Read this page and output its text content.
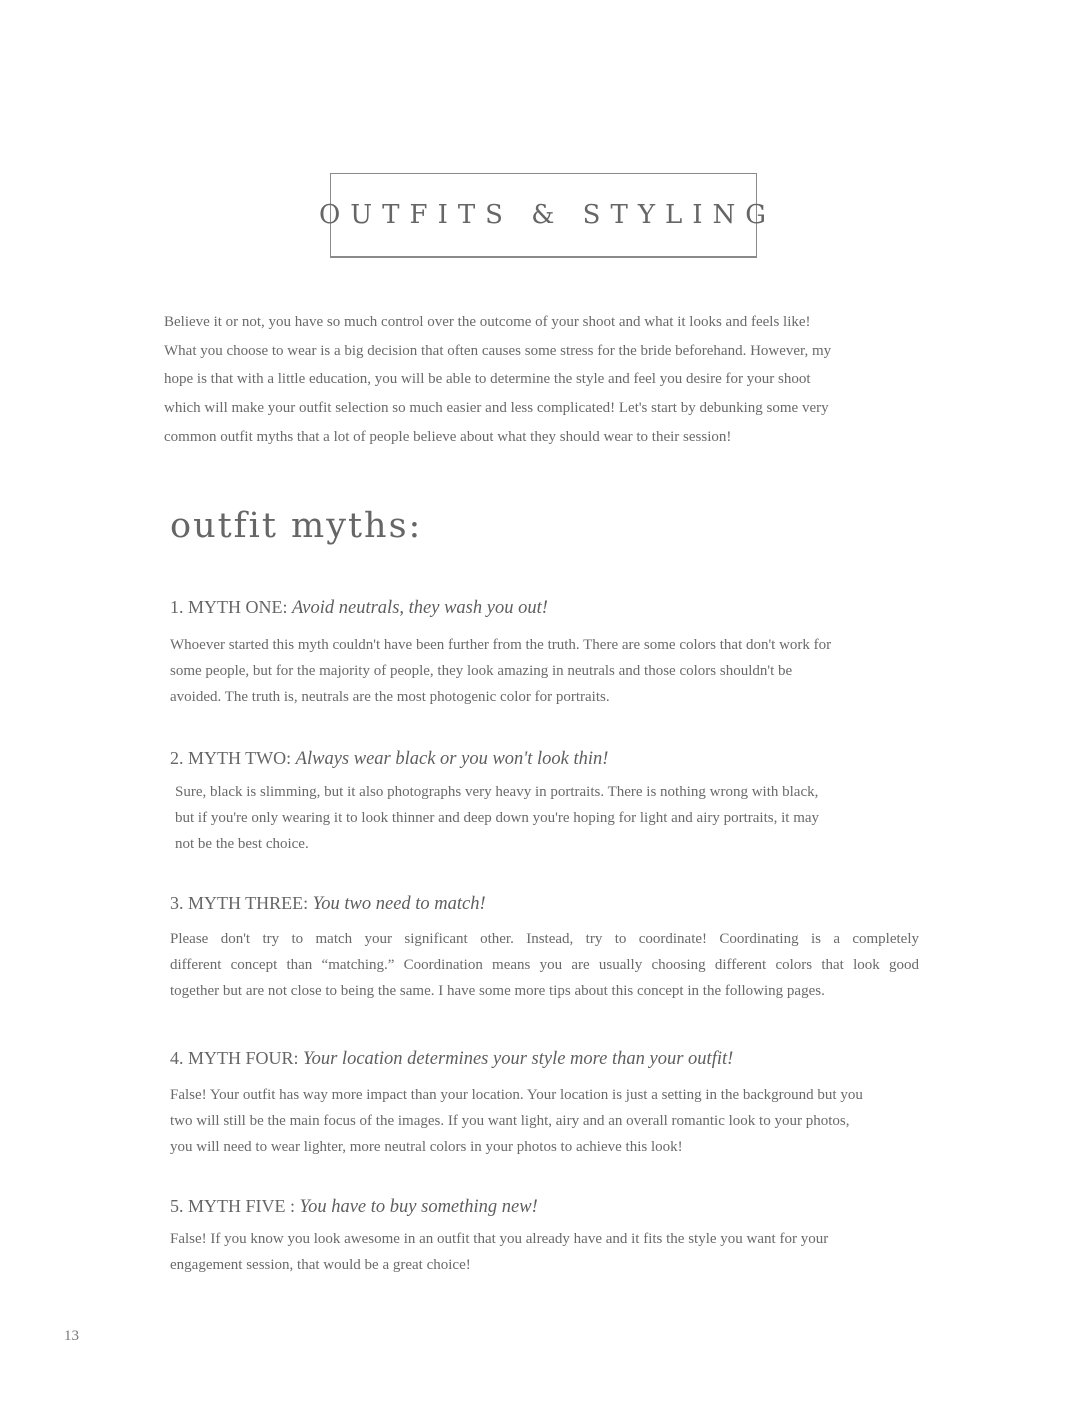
OUTFITS & STYLING

Believe it or not, you have so much control over the outcome of your shoot and what it looks and feels like!
What you choose to wear is a big decision that often causes some stress for the bride beforehand. However, my
hope is that with a little education, you will be able to determine the style and feel you desire for your shoot
which will make your outfit selection so much easier and less complicated! Let's start by debunking some very
common outfit myths that a lot of people believe about what they should wear to their session!

outfit myths:

1. MYTH ONE: Avoid neutrals, they wash you out!

Whoever started this myth couldn't have been further from the truth. There are some colors that don't work for
some people, but for the majority of people, they look amazing in neutrals and those colors shouldn't be
avoided. The truth is, neutrals are the most photogenic color for portraits.

2. MYTH TWO: Always wear black or you won't look thin!

Sure, black is slimming, but it also photographs very heavy in portraits. There is nothing wrong with black,
but if you're only wearing it to look thinner and deep down you're hoping for light and airy portraits, it may
not be the best choice.

3. MYTH THREE: You two need to match!

Please don't try to match your significant other. Instead, try to coordinate! Coordinating is a completely
different concept than “matching.” Coordination means you are usually choosing different colors that look good
together but are not close to being the same. I have some more tips about this concept in the following pages.

4. MYTH FOUR: Your location determines your style more than your outfit!

False! Your outfit has way more impact than your location. Your location is just a setting in the background but you
two will still be the main focus of the images. If you want light, airy and an overall romantic look to your photos,
you will need to wear lighter, more neutral colors in your photos to achieve this look!

5. MYTH FIVE : You have to buy something new!

False! If you know you look awesome in an outfit that you already have and it fits the style you want for your
engagement session, that would be a great choice!

13
